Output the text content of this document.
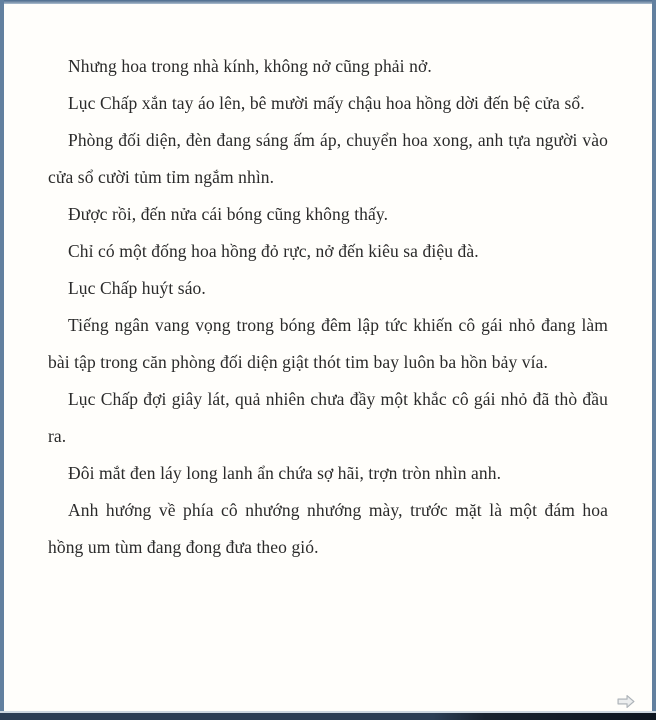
Nhưng hoa trong nhà kính, không nở cũng phải nở.

Lục Chấp xắn tay áo lên, bê mười mấy chậu hoa hồng dời đến bệ cửa sổ.

Phòng đối diện, đèn đang sáng ấm áp, chuyển hoa xong, anh tựa người vào cửa sổ cười tủm tỉm ngắm nhìn.

Được rồi, đến nửa cái bóng cũng không thấy.

Chỉ có một đống hoa hồng đỏ rực, nở đến kiêu sa điệu đà.

Lục Chấp huýt sáo.

Tiếng ngân vang vọng trong bóng đêm lập tức khiến cô gái nhỏ đang làm bài tập trong căn phòng đối diện giật thót tim bay luôn ba hồn bảy vía.

Lục Chấp đợi giây lát, quả nhiên chưa đầy một khắc cô gái nhỏ đã thò đầu ra.

Đôi mắt đen láy long lanh ẩn chứa sợ hãi, trợn tròn nhìn anh.

Anh hướng về phía cô nhướng nhướng mày, trước mặt là một đám hoa hồng um tùm đang đong đưa theo gió.
